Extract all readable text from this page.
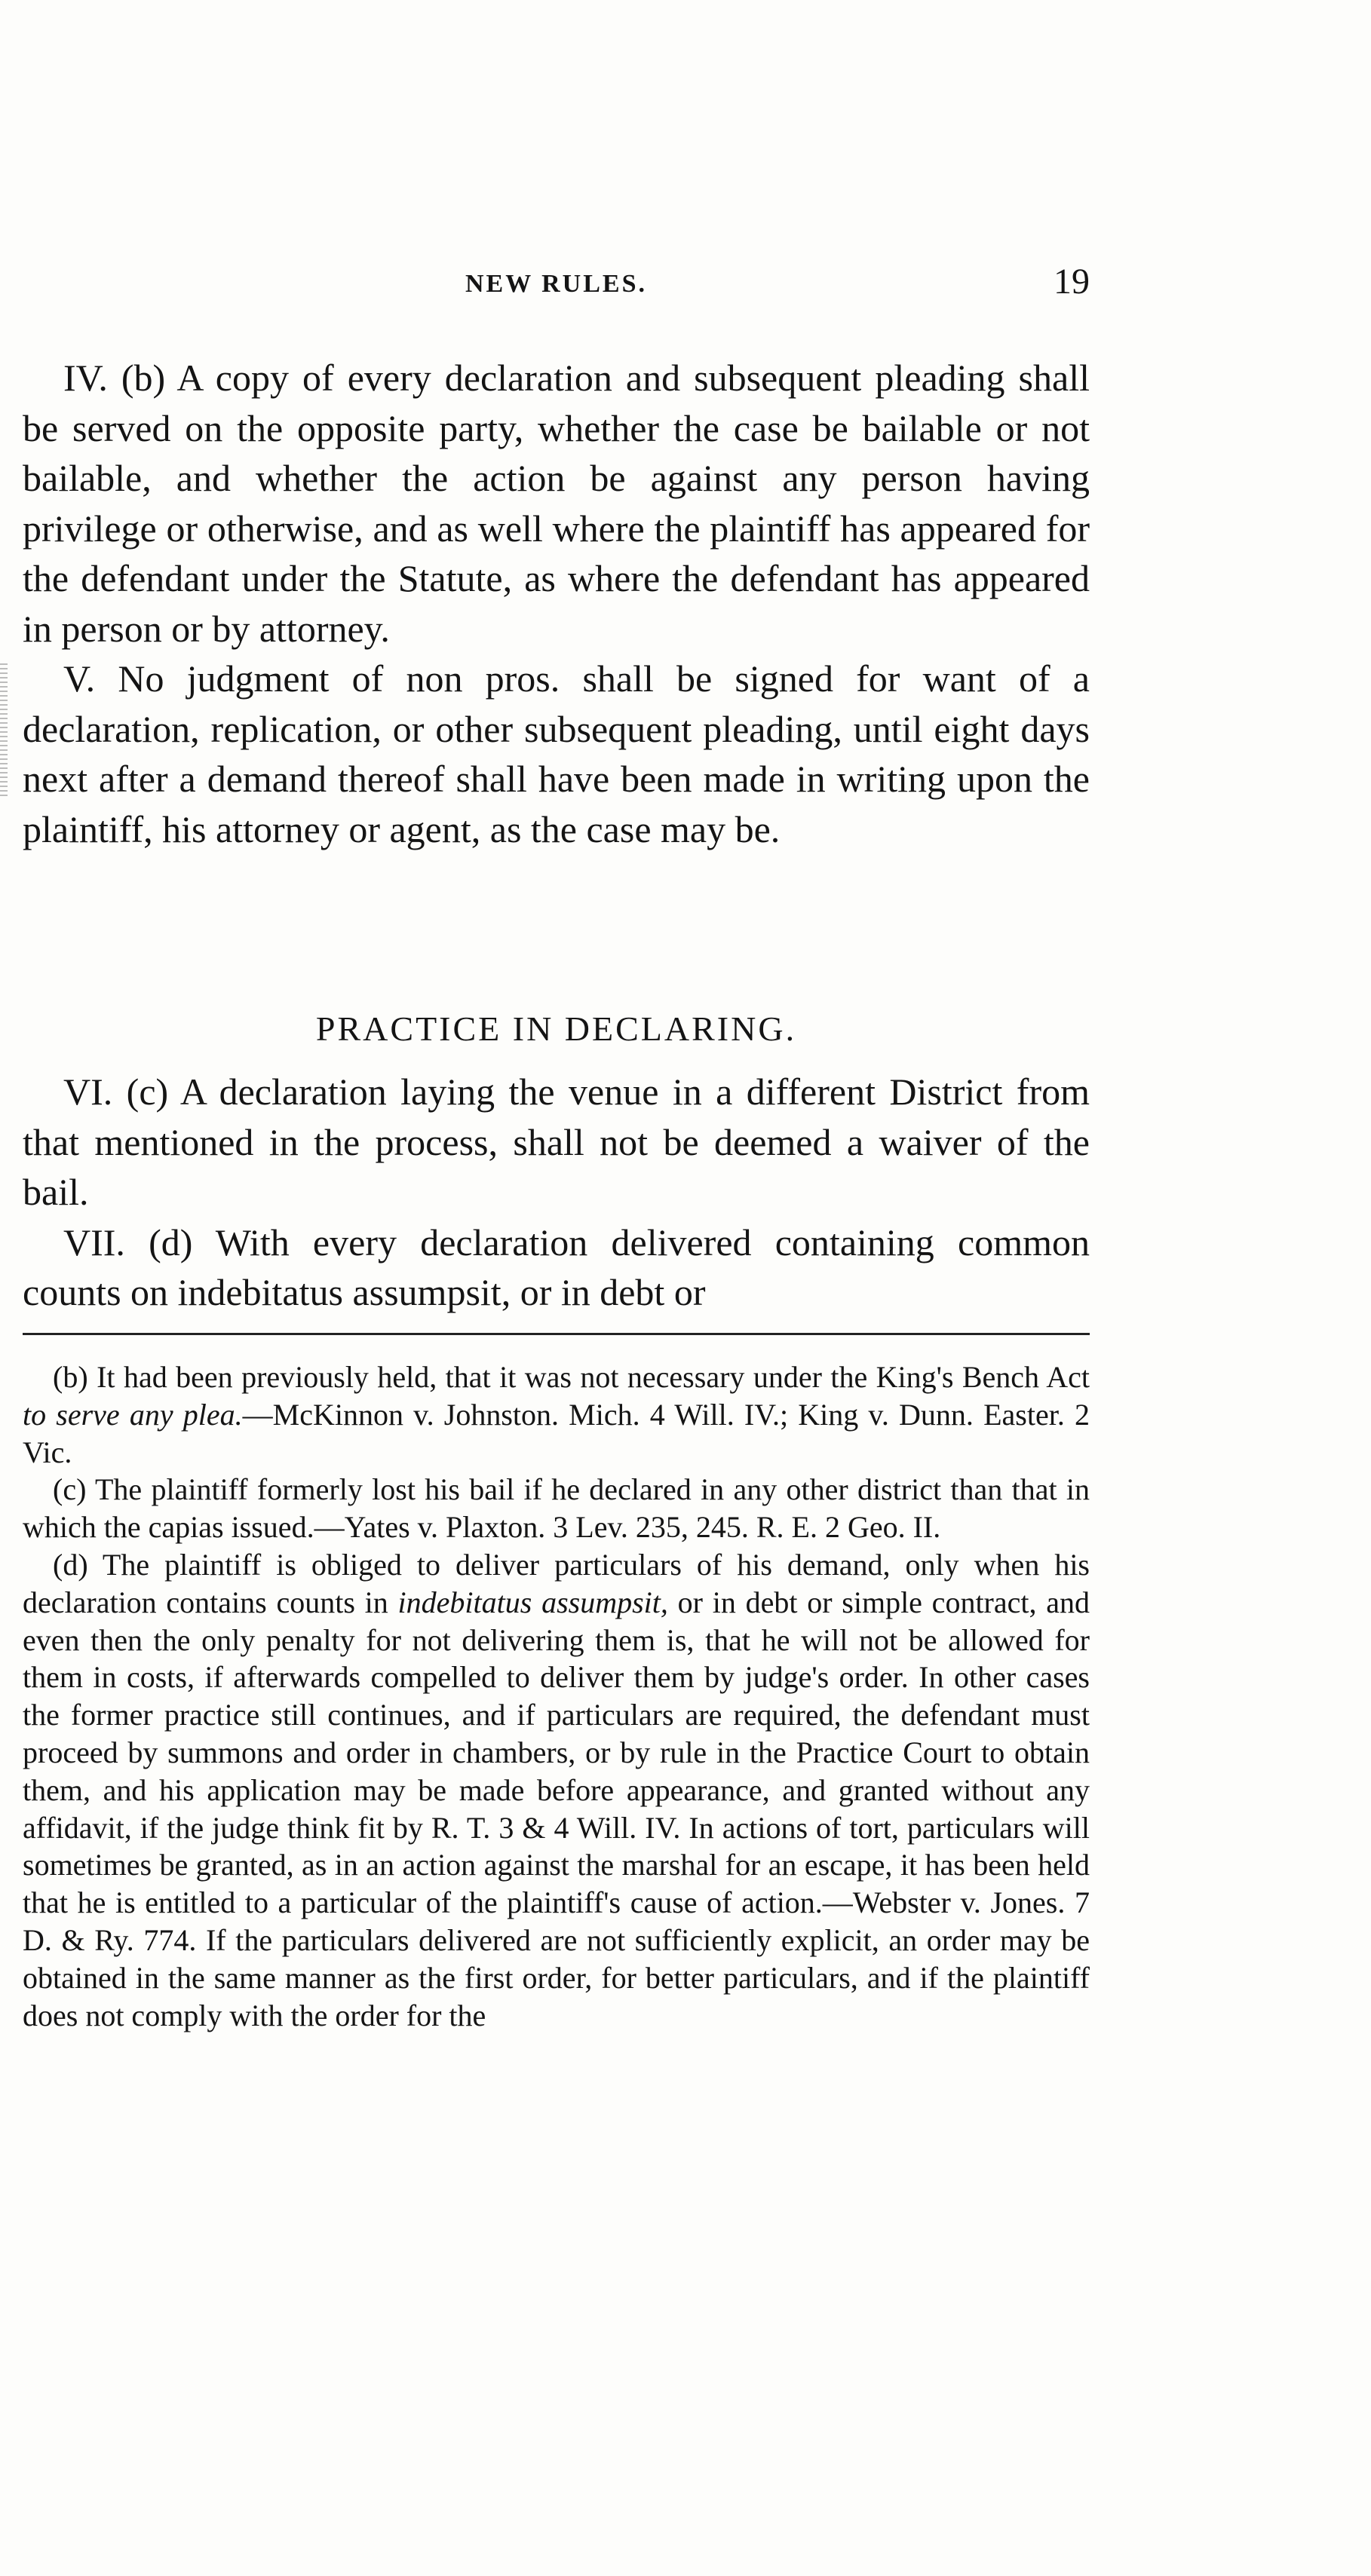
NEW RULES.	19

IV. (b) A copy of every declaration and subsequent pleading shall be served on the opposite party, whether the case be bailable or not bailable, and whether the action be against any person having privilege or otherwise, and as well where the plaintiff has appeared for the defendant under the Statute, as where the defendant has appeared in person or by attorney.

V. No judgment of non pros. shall be signed for want of a declaration, replication, or other subsequent pleading, until eight days next after a demand thereof shall have been made in writing upon the plaintiff, his attorney or agent, as the case may be.

PRACTICE IN DECLARING.

VI. (c) A declaration laying the venue in a different District from that mentioned in the process, shall not be deemed a waiver of the bail.

VII. (d) With every declaration delivered containing common counts on indebitatus assumpsit, or in debt or

(b) It had been previously held, that it was not necessary under the King's Bench Act to serve any plea.—McKinnon v. Johnston. Mich. 4 Will. IV.; King v. Dunn. Easter. 2 Vic.

(c) The plaintiff formerly lost his bail if he declared in any other district than that in which the capias issued.—Yates v. Plaxton. 3 Lev. 235, 245. R. E. 2 Geo. II.

(d) The plaintiff is obliged to deliver particulars of his demand, only when his declaration contains counts in indebitatus assumpsit, or in debt or simple contract, and even then the only penalty for not delivering them is, that he will not be allowed for them in costs, if afterwards compelled to deliver them by judge's order. In other cases the former practice still continues, and if particulars are required, the defendant must proceed by summons and order in chambers, or by rule in the Practice Court to obtain them, and his application may be made before appearance, and granted without any affidavit, if the judge think fit by R. T. 3 & 4 Will. IV. In actions of tort, particulars will sometimes be granted, as in an action against the marshal for an escape, it has been held that he is entitled to a particular of the plaintiff's cause of action.—Webster v. Jones. 7 D. & Ry. 774. If the particulars delivered are not sufficiently explicit, an order may be obtained in the same manner as the first order, for better particulars, and if the plaintiff does not comply with the order for the
